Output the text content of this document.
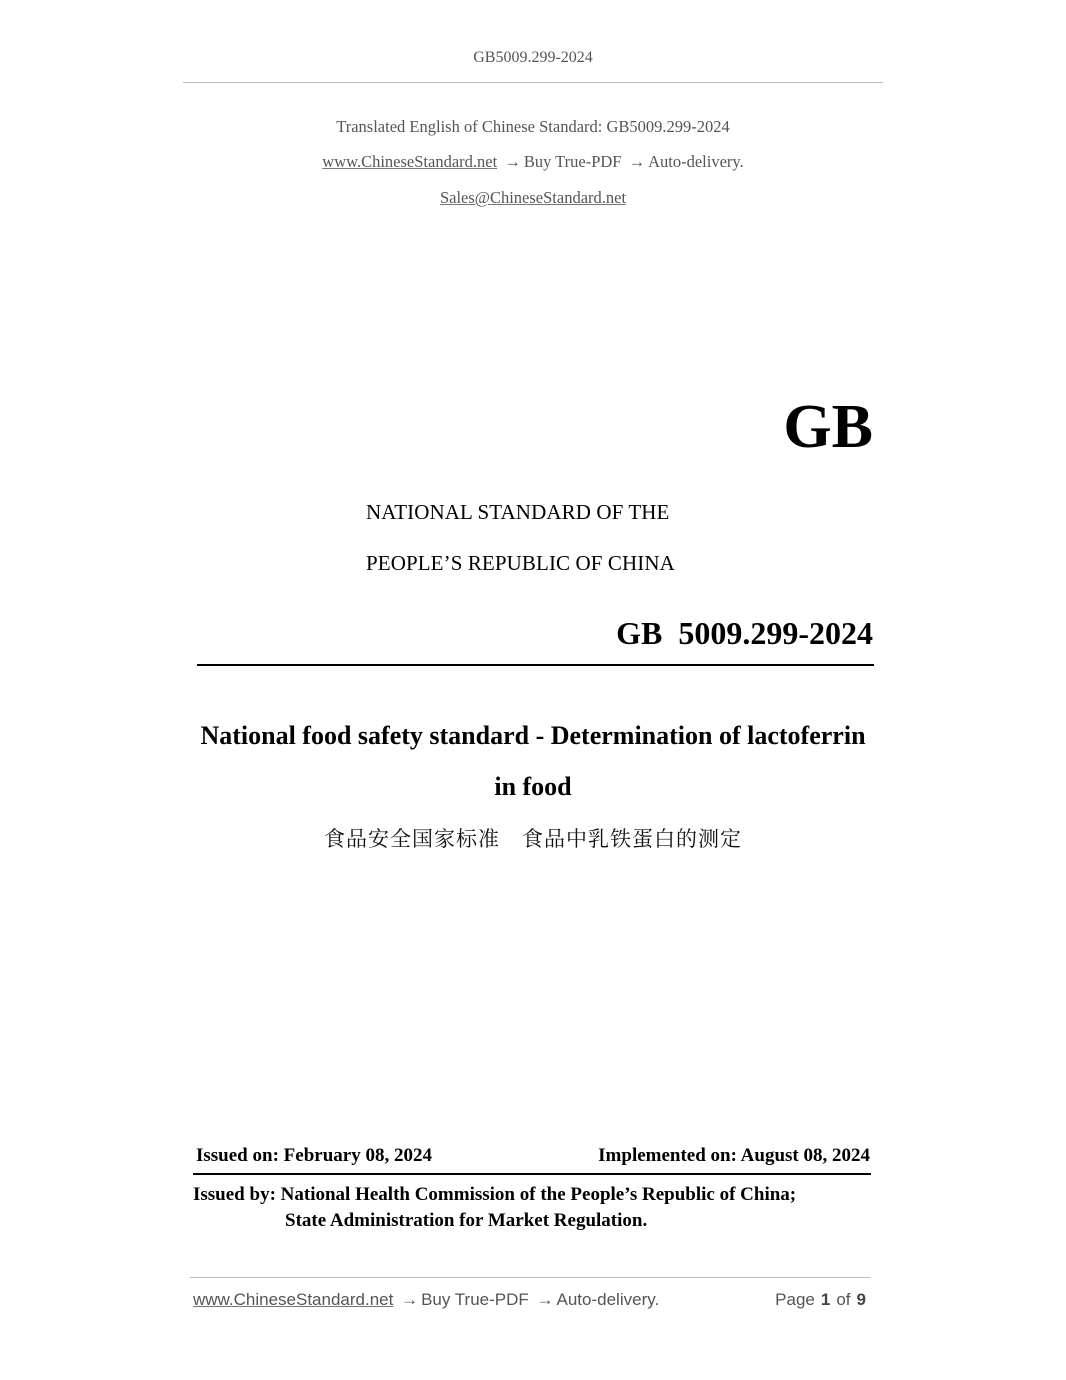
GB5009.299-2024
Translated English of Chinese Standard: GB5009.299-2024
www.ChineseStandard.net → Buy True-PDF → Auto-delivery.
Sales@ChineseStandard.net
GB
NATIONAL STANDARD OF THE
PEOPLE’S REPUBLIC OF CHINA
GB 5009.299-2024
National food safety standard - Determination of lactoferrin
in food
食品安全国家标准　食品中乳铁蛋白的测定
Issued on: February 08, 2024	Implemented on: August 08, 2024
Issued by: National Health Commission of the People’s Republic of China;
State Administration for Market Regulation.
www.ChineseStandard.net → Buy True-PDF → Auto-delivery.	Page 1 of 9
